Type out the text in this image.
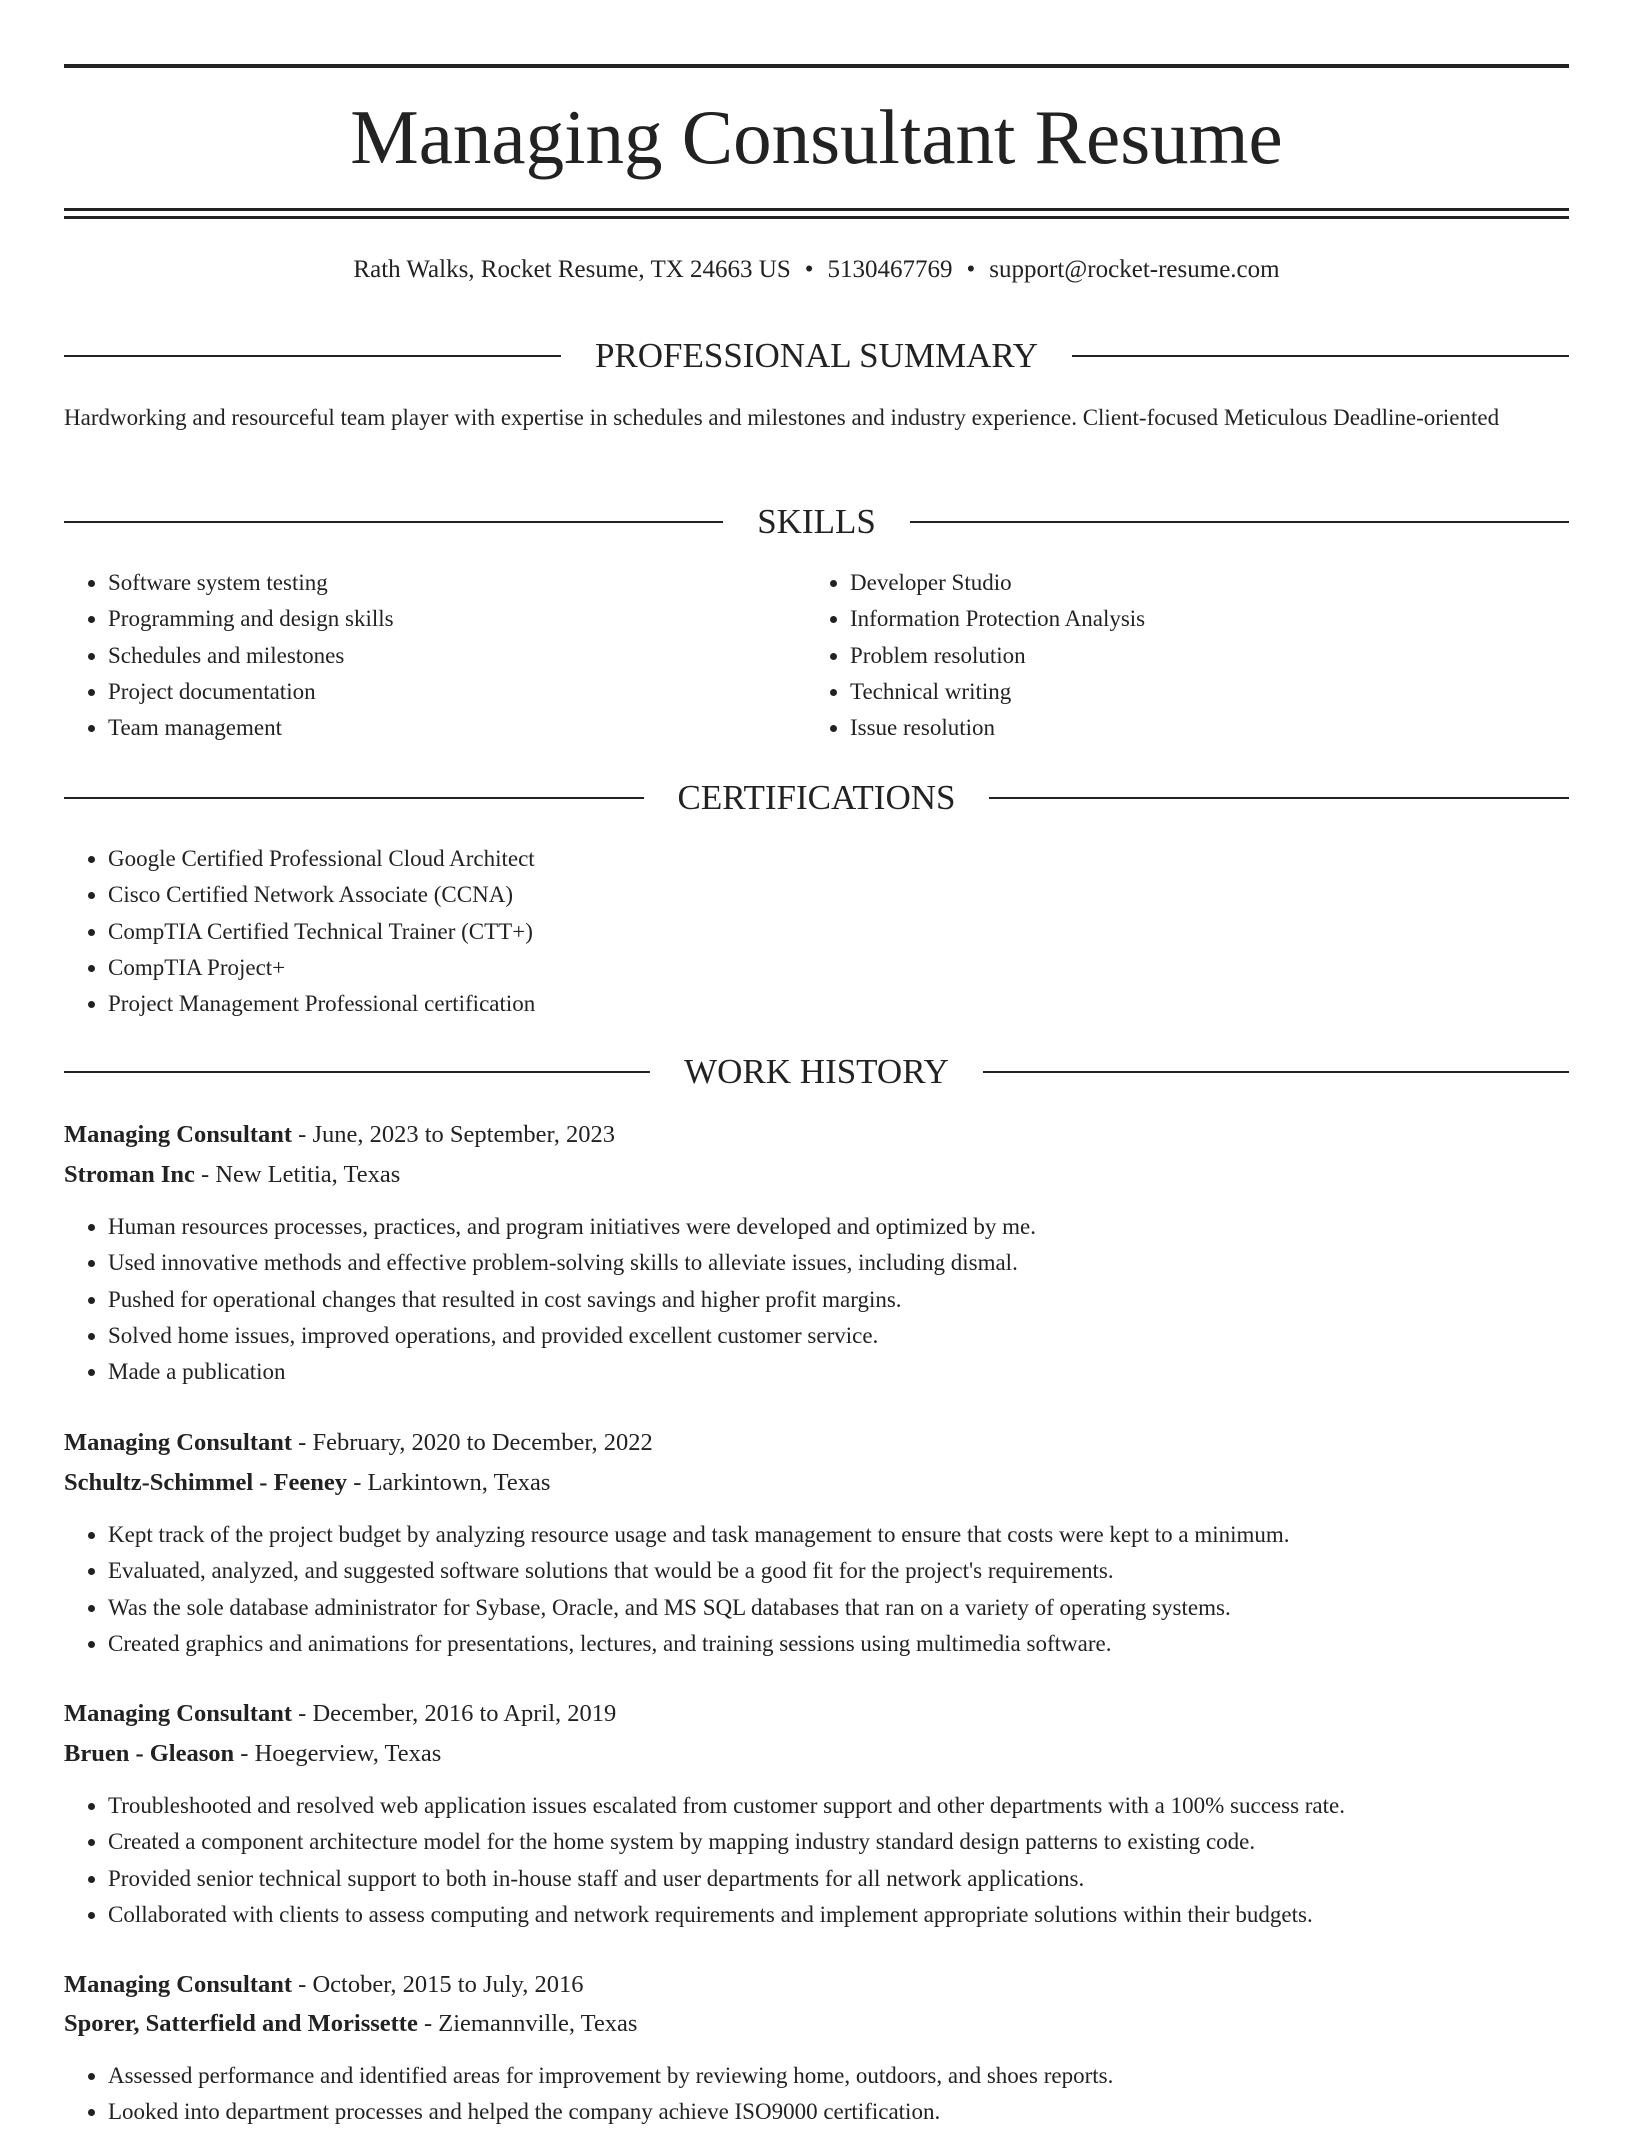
Managing Consultant Resume
Rath Walks, Rocket Resume, TX 24663 US • 5130467769 • support@rocket-resume.com
PROFESSIONAL SUMMARY
Hardworking and resourceful team player with expertise in schedules and milestones and industry experience. Client-focused Meticulous Deadline-oriented
SKILLS
• Software system testing
• Programming and design skills
• Schedules and milestones
• Project documentation
• Team management
• Developer Studio
• Information Protection Analysis
• Problem resolution
• Technical writing
• Issue resolution
CERTIFICATIONS
• Google Certified Professional Cloud Architect
• Cisco Certified Network Associate (CCNA)
• CompTIA Certified Technical Trainer (CTT+)
• CompTIA Project+
• Project Management Professional certification
WORK HISTORY
Managing Consultant - June, 2023 to September, 2023
Stroman Inc - New Letitia, Texas
• Human resources processes, practices, and program initiatives were developed and optimized by me.
• Used innovative methods and effective problem-solving skills to alleviate issues, including dismal.
• Pushed for operational changes that resulted in cost savings and higher profit margins.
• Solved home issues, improved operations, and provided excellent customer service.
• Made a publication
Managing Consultant - February, 2020 to December, 2022
Schultz-Schimmel - Feeney - Larkintown, Texas
• Kept track of the project budget by analyzing resource usage and task management to ensure that costs were kept to a minimum.
• Evaluated, analyzed, and suggested software solutions that would be a good fit for the project's requirements.
• Was the sole database administrator for Sybase, Oracle, and MS SQL databases that ran on a variety of operating systems.
• Created graphics and animations for presentations, lectures, and training sessions using multimedia software.
Managing Consultant - December, 2016 to April, 2019
Bruen - Gleason - Hoegerview, Texas
• Troubleshooted and resolved web application issues escalated from customer support and other departments with a 100% success rate.
• Created a component architecture model for the home system by mapping industry standard design patterns to existing code.
• Provided senior technical support to both in-house staff and user departments for all network applications.
• Collaborated with clients to assess computing and network requirements and implement appropriate solutions within their budgets.
Managing Consultant - October, 2015 to July, 2016
Sporer, Satterfield and Morissette - Ziemannville, Texas
• Assessed performance and identified areas for improvement by reviewing home, outdoors, and shoes reports.
• Looked into department processes and helped the company achieve ISO9000 certification.
